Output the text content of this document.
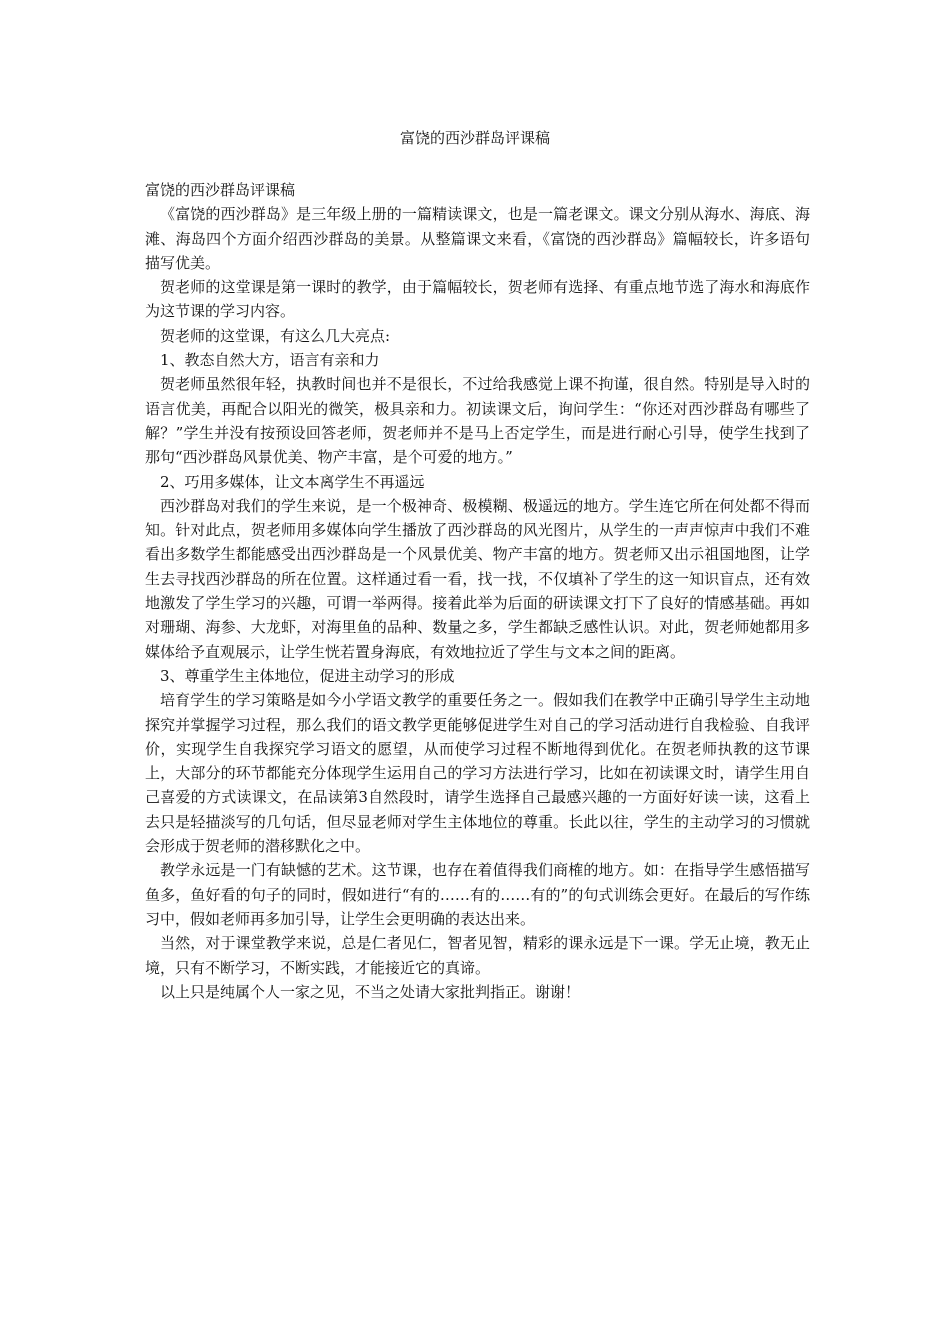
富饶的西沙群岛评课稿

富饶的西沙群岛评课稿

《富饶的西沙群岛》是三年级上册的一篇精读课文，也是一篇老课文。课文分别从海水、海底、海滩、海岛四个方面介绍西沙群岛的美景。从整篇课文来看，《富饶的西沙群岛》篇幅较长，许多语句描写优美。

贺老师的这堂课是第一课时的教学，由于篇幅较长，贺老师有选择、有重点地节选了海水和海底作为这节课的学习内容。

贺老师的这堂课，有这么几大亮点:

1、教态自然大方，语言有亲和力

贺老师虽然很年轻，执教时间也并不是很长，不过给我感觉上课不拘谨，很自然。特别是导入时的语言优美，再配合以阳光的微笑，极具亲和力。初读课文后，询问学生：“你还对西沙群岛有哪些了解？”学生并没有按预设回答老师，贺老师并不是马上否定学生，而是进行耐心引导，使学生找到了那句“西沙群岛风景优美、物产丰富，是个可爱的地方。”

2、巧用多媒体，让文本离学生不再遥远

西沙群岛对我们的学生来说，是一个极神奇、极模糊、极遥远的地方。学生连它所在何处都不得而知。针对此点，贺老师用多媒体向学生播放了西沙群岛的风光图片，从学生的一声声惊声中我们不难看出多数学生都能感受出西沙群岛是一个风景优美、物产丰富的地方。贺老师又出示祖国地图，让学生去寻找西沙群岛的所在位置。这样通过看一看，找一找，不仅填补了学生的这一知识盲点，还有效地激发了学生学习的兴趣，可谓一举两得。接着此举为后面的研读课文打下了良好的情感基础。再如对珊瑚、海参、大龙虾，对海里鱼的品种、数量之多，学生都缺乏感性认识。对此，贺老师她都用多媒体给予直观展示，让学生恍若置身海底，有效地拉近了学生与文本之间的距离。

3、尊重学生主体地位，促进主动学习的形成

培育学生的学习策略是如今小学语文教学的重要任务之一。假如我们在教学中正确引导学生主动地探究并掌握学习过程，那么我们的语文教学更能够促进学生对自己的学习活动进行自我检验、自我评价，实现学生自我探究学习语文的愿望，从而使学习过程不断地得到优化。在贺老师执教的这节课上，大部分的环节都能充分体现学生运用自己的学习方法进行学习，比如在初读课文时，请学生用自己喜爱的方式读课文，在品读第3自然段时，请学生选择自己最感兴趣的一方面好好读一读，这看上去只是轻描淡写的几句话，但尽显老师对学生主体地位的尊重。长此以往，学生的主动学习的习惯就会形成于贺老师的潜移默化之中。

教学永远是一门有缺憾的艺术。这节课，也存在着值得我们商榷的地方。如：在指导学生感悟描写鱼多，鱼好看的句子的同时，假如进行“有的……有的……有的”的句式训练会更好。在最后的写作练习中，假如老师再多加引导，让学生会更明确的表达出来。

当然，对于课堂教学来说，总是仁者见仁，智者见智，精彩的课永远是下一课。学无止境，教无止境，只有不断学习，不断实践，才能接近它的真谛。

以上只是纯属个人一家之见，不当之处请大家批判指正。谢谢！
